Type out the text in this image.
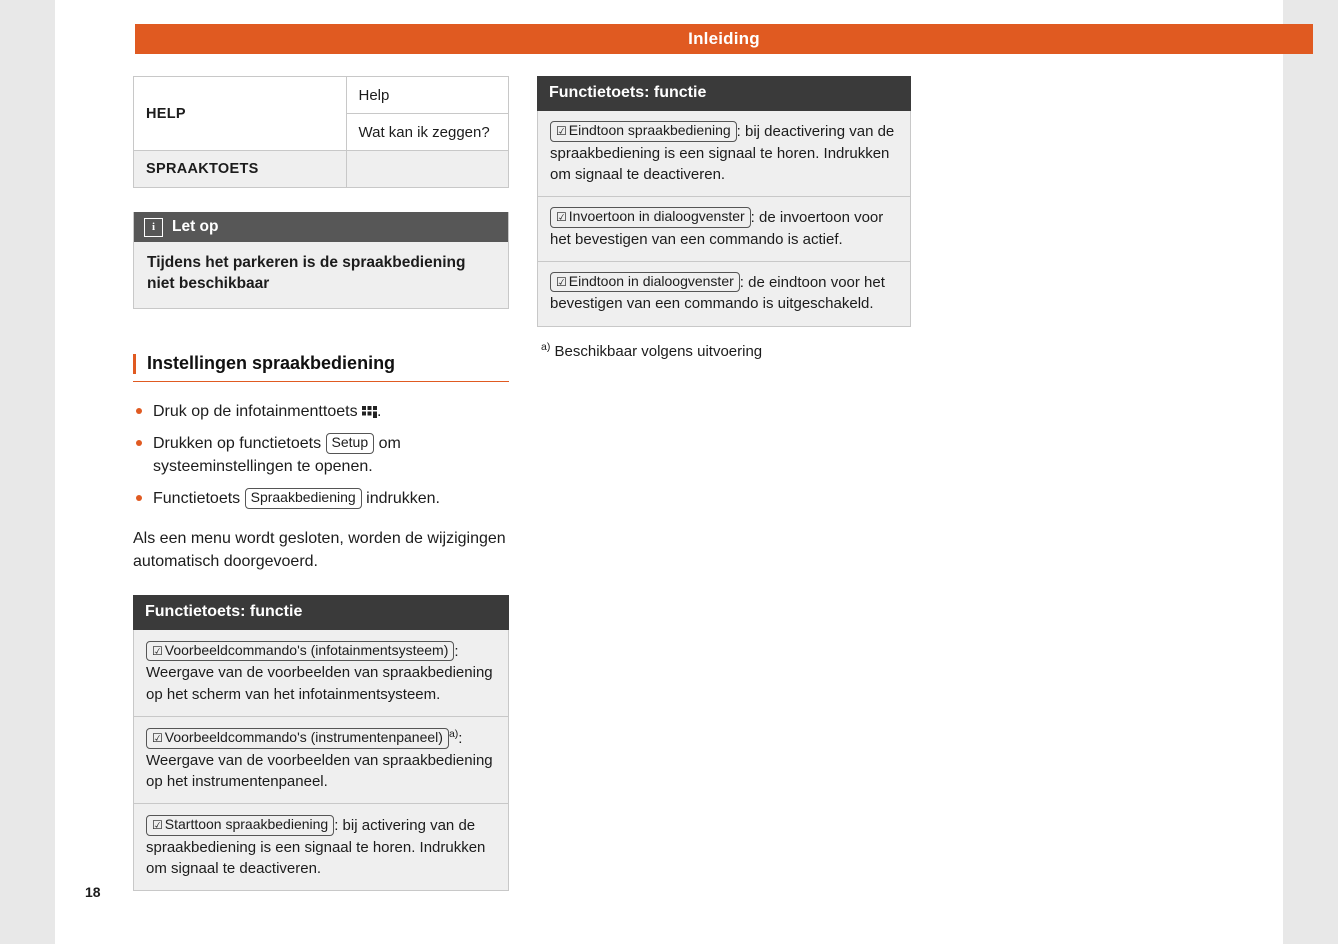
Inleiding
HELP	Help
	Wat kan ik zeggen?
SPRAAKTOETS	
i	Let op
Tijdens het parkeren is de spraakbediening niet beschikbaar
Instellingen spraakbediening
Druk op de infotainmenttoets .
Drukken op functietoets Setup om systeeminstellingen te openen.
Functietoets Spraakbediening indrukken.
Als een menu wordt gesloten, worden de wijzigingen automatisch doorgevoerd.
Functietoets: functie
☑ Voorbeeldcommando's (infotainmentsysteem) : Weergave van de voorbeelden van spraakbediening op het scherm van het infotainmentsysteem.
☑ Voorbeeldcommando's (instrumentenpaneel) $^{a)}$: Weergave van de voorbeelden van spraakbediening op het instrumentenpaneel.
☑ Starttoon spraakbediening : bij activering van de spraakbediening is een signaal te horen. Indrukken om signaal te deactiveren.
Functietoets: functie
☑ Eindtoon spraakbediening : bij deactivering van de spraakbediening is een signaal te horen. Indrukken om signaal te deactiveren.
☑ Invoertoon in dialoogvenster : de invoertoon voor het bevestigen van een commando is actief.
☑ Eindtoon in dialoogvenster : de eindtoon voor het bevestigen van een commando is uitgeschakeld.
$^{a)}$ Beschikbaar volgens uitvoering
18
